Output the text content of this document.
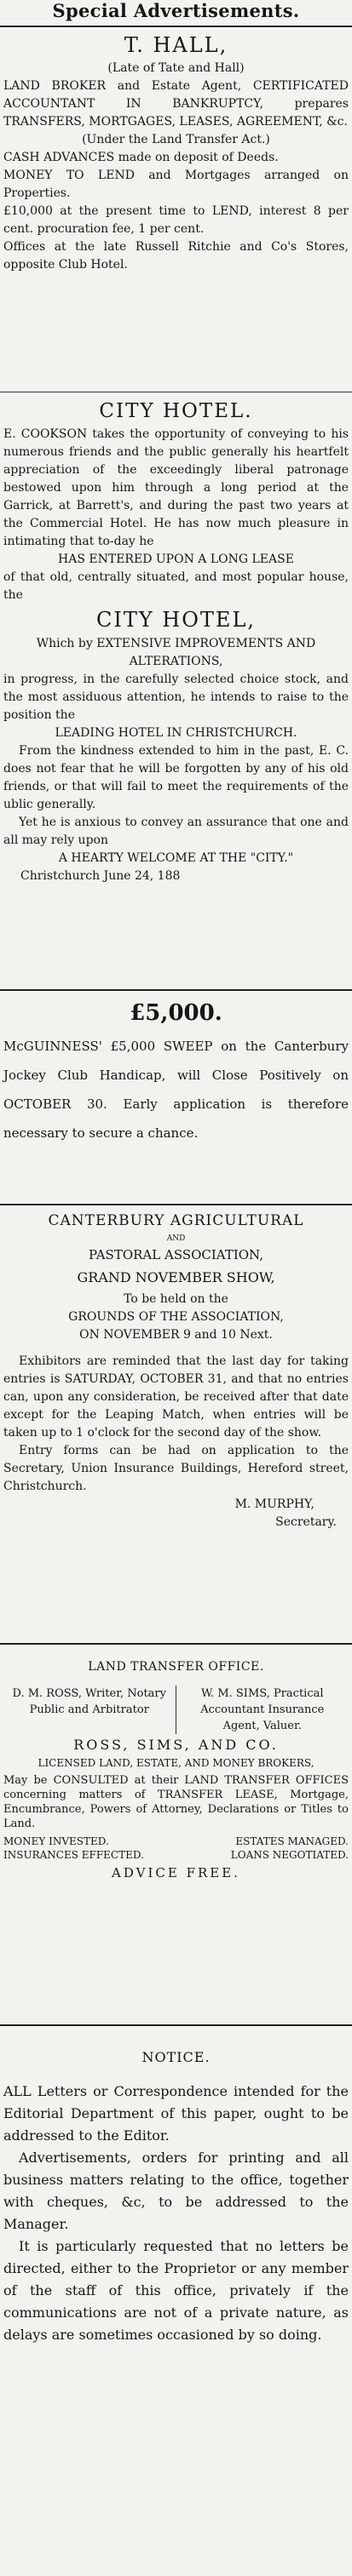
Special Advertisements.
T. HALL,

(Late of Tate and Hall)

LAND BROKER and Estate Agent, CERTIFICATED ACCOUNTANT IN BANKRUPTCY, prepares TRANSFERS, MORTGAGES, LEASES, AGREEMENT, &c.

(Under the Land Transfer Act.)

CASH ADVANCES made on deposit of Deeds.

MONEY TO LEND and Mortgages arranged on Properties.

£10,000 at the present time to LEND, interest 8 per cent. procuration fee, 1 per cent.

Offices at the late Russell Ritchie and Co's Stores, opposite Club Hotel.

CITY HOTEL.

E. COOKSON takes the opportunity of conveying to his numerous friends and the public generally his heartfelt appreciation of the exceedingly liberal patronage bestowed upon him through a long period at the Garrick, at Barrett's, and during the past two years at the Commercial Hotel. He has now much pleasure in intimating that to-day he

HAS ENTERED UPON A LONG LEASE

of that old, centrally situated, and most popular house, the

CITY HOTEL,

Which by EXTENSIVE IMPROVEMENTS AND ALTERATIONS,

in progress, in the carefully selected choice stock, and the most assiduous attention, he intends to raise to the position the

LEADING HOTEL IN CHRISTCHURCH.

From the kindness extended to him in the past, E. C. does not fear that he will be forgotten by any of his old friends, or that will fail to meet the requirements of the ublic generally.

Yet he is anxious to convey an assurance that one and all may rely upon

A HEARTY WELCOME AT THE "CITY."

Christchurch June 24, 188

£5,000.

McGUINNESS' £5,000 SWEEP on the Canterbury Jockey Club Handicap, will Close Positively on OCTOBER 30. Early application is therefore necessary to secure a chance.

CANTERBURY AGRICULTURAL
AND
PASTORAL ASSOCIATION,
GRAND NOVEMBER SHOW,

To be held on the

GROUNDS OF THE ASSOCIATION,

ON NOVEMBER 9 and 10 Next.

Exhibitors are reminded that the last day for taking entries is SATURDAY, OCTOBER 31, and that no entries can, upon any consideration, be received after that date except for the Leaping Match, when entries will be taken up to 1 o'clock for the second day of the show.

Entry forms can be had on application to the Secretary, Union Insurance Buildings, Hereford street, Christchurch.

M. MURPHY,

Secretary.

LAND TRANSFER OFFICE.
D. M. ROSS, Writer, Notary Public and Arbitrator
W. M. SIMS, Practical Accountant Insurance Agent, Valuer.
ROSS, SIMS, AND CO.

LICENSED LAND, ESTATE, AND MONEY BROKERS,

May be CONSULTED at their LAND TRANSFER OFFICES concerning matters of TRANSFER LEASE, Mortgage, Encumbrance, Powers of Attorney, Declarations or Titles to Land.

MONEY INVESTED.	ESTATES MANAGED.
INSURANCES EFFECTED.	LOANS NEGOTIATED.
ADVICE FREE.
NOTICE.

ALL Letters or Correspondence intended for the Editorial Department of this paper, ought to be addressed to the Editor.

Advertisements, orders for printing and all business matters relating to the office, together with cheques, &c, to be addressed to the Manager.

It is particularly requested that no letters be directed, either to the Proprietor or any member of the staff of this office, privately if the communications are not of a private nature, as delays are sometimes occasioned by so doing.
